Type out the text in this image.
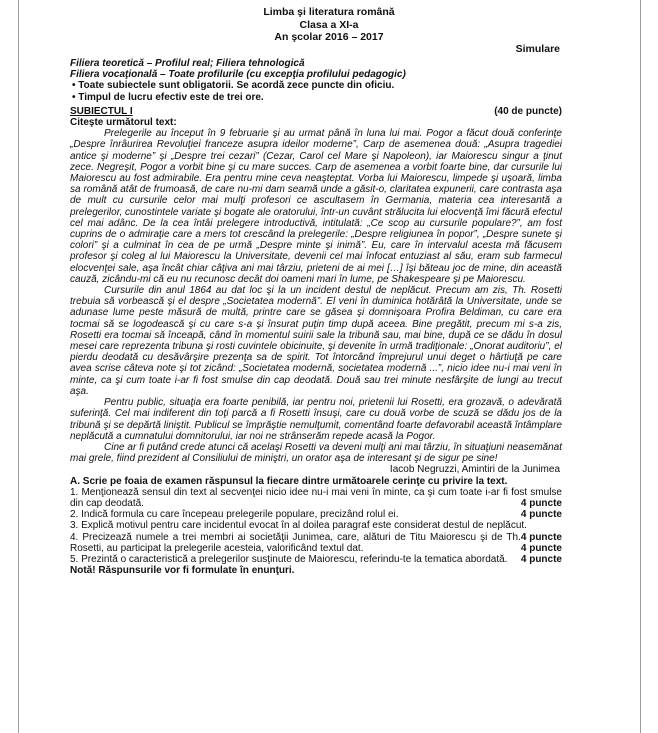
Limba şi literatura română
Clasa a XI-a
An şcolar 2016 – 2017
Simulare
Filiera teoretică – Profilul real; Filiera tehnologică
Filiera vocaţională – Toate profilurile (cu excepţia profilului pedagogic)
• Toate subiectele sunt obligatorii. Se acordă zece puncte din oficiu.
• Timpul de lucru efectiv este de trei ore.
SUBIECTUL I	(40 de puncte)
Citeşte următorul text:

Prelegerile au început în 9 februarie şi au urmat până în luna lui mai. Pogor a făcut două conferinţe „Despre înrâurirea Revoluţiei franceze asupra ideilor moderne”, Carp de asemenea două: „Asupra tragediei antice şi moderne” şi „Despre trei cezari” (Cezar, Carol cel Mare şi Napoleon), iar Maiorescu singur a ţinut zece. Negreşit, Pogor a vorbit bine şi cu mare succes. Carp de asemenea a vorbit foarte bine, dar cursurile lui Maiorescu au fost admirabile. Era pentru mine ceva neaşteptat. Vorba lui Maiorescu, limpede şi uşoară, limba sa română atât de frumoasă, de care nu-mi dam seamă unde a găsit-o, claritatea expunerii, care contrasta aşa de mult cu cursurile celor mai mulţi profesori ce ascultasem în Germania, materia cea interesantă a prelegerilor, cunostintele variate şi bogate ale oratorului, într-un cuvânt strălucita lui elocvenţă îmi făcură efectul cel mai adânc. De la cea întâi prelegere introductivă, intitulată: „Ce scop au cursurile populare?”, am fost cuprins de o admiraţie care a mers tot crescând la prelegerile: „Despre religiunea în popor”, „Despre sunete şi colori” şi a culminat în cea de pe urmă „Despre minte şi inimă”. Eu, care în intervalul acesta mă făcusem profesor şi coleg al lui Maiorescu la Universitate, devenii cel mai înfocat entuziast al său, eram sub farmecul elocvenţei sale, aşa încât chiar câţiva ani mai târziu, prieteni de ai mei […] îşi băteau joc de mine, din această cauză, zicându-mi că eu nu recunosc decât doi oameni mari în lume, pe Shakespeare şi pe Maiorescu.

Cursurile din anul 1864 au dat loc şi la un incident destul de neplăcut. Precum am zis, Th. Rosetti trebuia să vorbească şi el despre „Societatea modernă”. El veni în duminica hotărâtă la Universitate, unde se adunase lume peste măsură de multă, printre care se găsea şi domnişoara Profira Beldiman, cu care era tocmai să se logodească şi cu care s-a şi însurat puţin timp după aceea. Bine pregătit, precum mi s-a zis, Rosetti era tocmai să înceapă, când în momentul suirii sale la tribună sau, mai bine, după ce se dădu în dosul mesei care reprezenta tribuna şi rosti cuvintele obicinuite, şi devenite în urmă tradiţionale: „Onorat auditoriu”, el pierdu deodată cu desăvârşire prezenţa sa de spirit. Tot întorcând împrejurul unui deget o hârtiuţă pe care avea scrise câteva note şi tot zicând: „Societatea modernă, societatea modernă ...”, nicio idee nu-i mai veni în minte, ca şi cum toate i-ar fi fost smulse din cap deodată. Două sau trei minute nesfârşite de lungi au trecut aşa.

Pentru public, situaţia era foarte penibilă, iar pentru noi, prietenii lui Rosetti, era grozavă, o adevărată suferinţă. Cel mai indiferent din toţi parcă a fi Rosetti însuşi, care cu două vorbe de scuză se dădu jos de la tribună şi se depărtă liniştit. Publicul se împrăştie nemulţumit, comentând foarte defavorabil această întâmplare neplăcută a cumnatului domnitorului, iar noi ne strânserăm repede acasă la Pogor.

Cine ar fi putând crede atunci că acelaşi Rosetti va deveni mulţi ani mai târziu, în situaţiuni neasemănat mai grele, fiind prezident al Consiliului de miniştri, un orator aşa de interesant şi de sigur pe sine!

Iacob Negruzzi, Amintiri de la Junimea

A. Scrie pe foaia de examen răspunsul la fiecare dintre următoarele cerinţe cu privire la text.

1. Menţionează sensul din text al secvenţei nicio idee nu-i mai veni în minte, ca şi cum toate i-ar fi fost smulse din cap deodată.	4 puncte

2. Indică formula cu care începeau prelegerile populare, precizând rolul ei.	4 puncte

3. Explică motivul pentru care incidentul evocat în al doilea paragraf este considerat destul de neplăcut.
4 puncte

4. Precizează numele a trei membri ai societăţii Junimea, care, alături de Titu Maiorescu şi de Th. Rosetti, au participat la prelegerile acesteia, valorificând textul dat.	4 puncte

5. Prezintă o caracteristică a prelegerilor susţinute de Maiorescu, referindu-te la tematica abordată. 4 puncte

Notă! Răspunsurile vor fi formulate în enunţuri.
